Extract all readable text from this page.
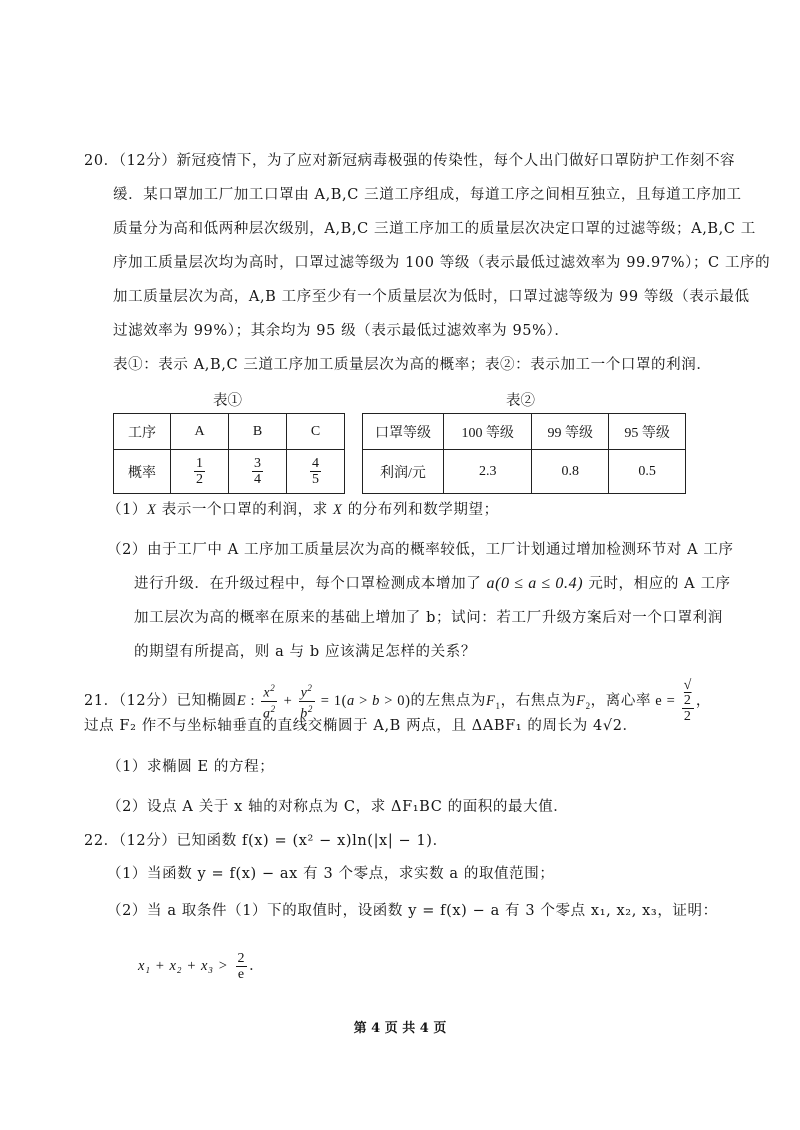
20．（12分）新冠疫情下，为了应对新冠病毒极强的传染性，每个人出门做好口罩防护工作刻不容
缓．某口罩加工厂加工口罩由 A,B,C 三道工序组成，每道工序之间相互独立，且每道工序加工
质量分为高和低两种层次级别，A,B,C 三道工序加工的质量层次决定口罩的过滤等级；A,B,C 工
序加工质量层次均为高时，口罩过滤等级为 100 等级（表示最低过滤效率为 99.97%）；C 工序的
加工质量层次为高，A,B 工序至少有一个质量层次为低时，口罩过滤等级为 99 等级（表示最低
过滤效率为 99%）；其余均为 95 级（表示最低过滤效率为 95%）．
表①：表示 A,B,C 三道工序加工质量层次为高的概率；表②：表示加工一个口罩的利润．
表①	表②
工序	A	B	C
概率	$\frac{1}{2}$	$\frac{3}{4}$	$\frac{4}{5}$
口罩等级	100 等级	99 等级	95 等级
利润/元	2.3	0.8	0.5
（1）X 表示一个口罩的利润，求 X 的分布列和数学期望；
（2）由于工厂中 A 工序加工质量层次为高的概率较低，工厂计划通过增加检测环节对 A 工序
进行升级．在升级过程中，每个口罩检测成本增加了 a(0 ≤ a ≤ 0.4) 元时，相应的 A 工序
加工层次为高的概率在原来的基础上增加了 b；试问：若工厂升级方案后对一个口罩利润
的期望有所提高，则 a 与 b 应该满足怎样的关系？
21．（12分）已知椭圆E : $\frac{x^2}{a^2} + \frac{y^2}{b^2} = 1(a > b > 0)$的左焦点为$F_1$，右焦点为$F_2$，离心率 e = √
2
2 ，
过点 F₂ 作不与坐标轴垂直的直线交椭圆于 A,B 两点，且 ΔABF₁ 的周长为 4√2．
（1）求椭圆 E 的方程；
（2）设点 A 关于 x 轴的对称点为 C，求 ΔF₁BC 的面积的最大值．
22．（12分）已知函数 f(x) = (x² − x)ln(|x| − 1)．
（1）当函数 y = f(x) − ax 有 3 个零点，求实数 a 的取值范围；
（2）当 a 取条件（1）下的取值时，设函数 y = f(x) − a 有 3 个零点 x₁, x₂, x₃，证明：
$x_1 + x_2 + x_3 > \frac{2}{e}$ ．
第 4 页 共 4 页
